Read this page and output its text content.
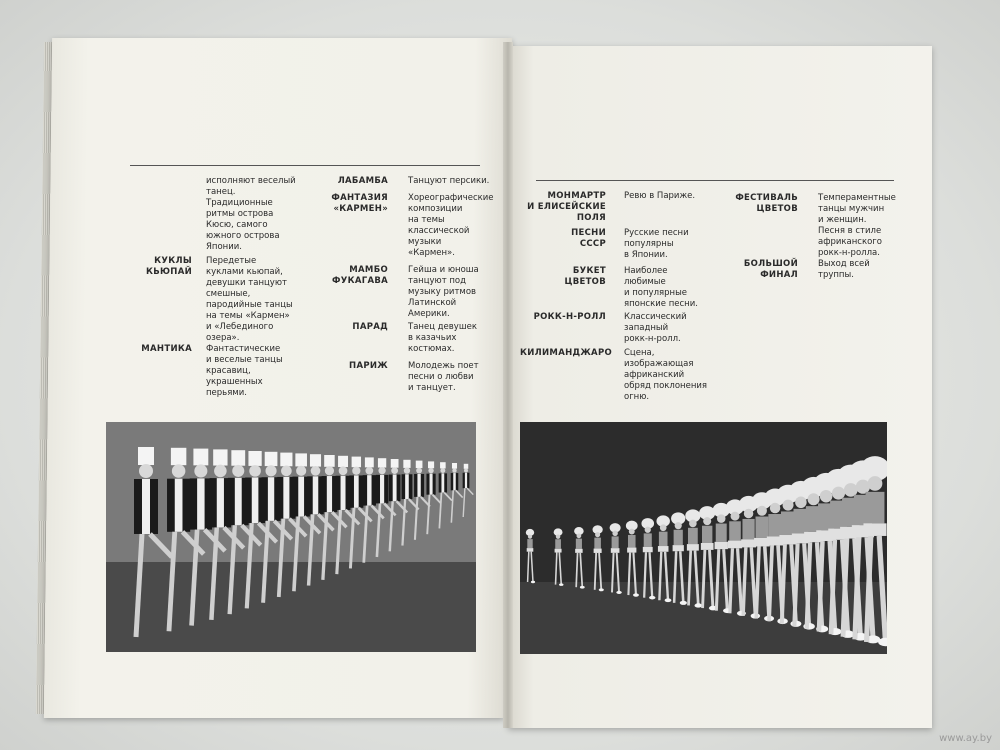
исполняют веселый
танец.
Традиционные
ритмы острова
Кюсю, самого
южного острова
Японии.
КУКЛЫ
КЬЮПАЙ
Передетые
куклами кьюпай,
девушки танцуют
смешные,
пародийные танцы
на темы «Кармен»
и «Лебединого
озера».
МАНТИКА Фантастические
и веселые танцы
красавиц,
украшенных
перьями.
ЛАБАМБА Танцуют персики.
ФАНТАЗИЯ
«КАРМЕН»
Хореографические
композиции
на темы
классической
музыки
«Кармен».
МАМБО
ФУКАГАВА
Гейша и юноша
танцуют под
музыку ритмов
Латинской
Америки.
ПАРАД Танец девушек
в казачьих
костюмах.
ПАРИЖ Молодежь поет
песни о любви
и танцует.
МОНМАРТР
И ЕЛИСЕЙСКИЕ
ПОЛЯ
Ревю в Париже.
ПЕСНИ
СССР
Русские песни
популярны
в Японии.
БУКЕТ
ЦВЕТОВ
Наиболее
любимые
и популярные
японские песни.
РОКК-Н-РОЛЛ Классический
западный
рокк-н-ролл.
КИЛИМАНДЖАРО Сцена,
изображающая
африканский
обряд поклонения
огню.
ФЕСТИВАЛЬ
ЦВЕТОВ
Темпераментные
танцы мужчин
и женщин.
Песня в стиле
африканского
рокк-н-ролла.
БОЛЬШОЙ
ФИНАЛ
Выход всей
труппы.
www.ay.by
